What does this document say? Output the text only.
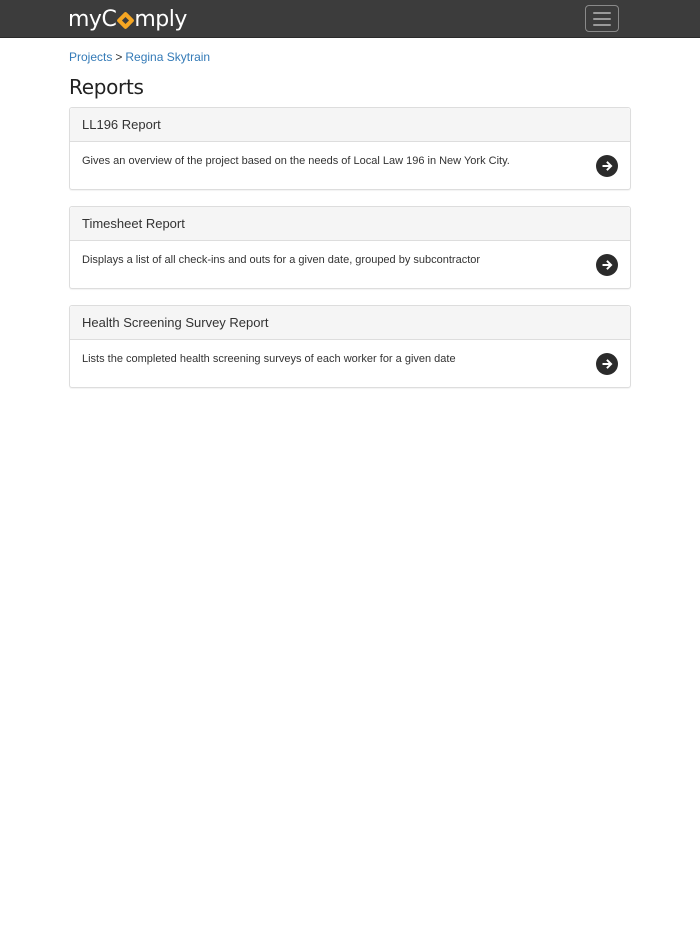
myC mply
Projects > Regina Skytrain
Reports
LL196 Report
Gives an overview of the project based on the needs of Local Law 196 in New York City.
Timesheet Report
Displays a list of all check-ins and outs for a given date, grouped by subcontractor
Health Screening Survey Report
Lists the completed health screening surveys of each worker for a given date
